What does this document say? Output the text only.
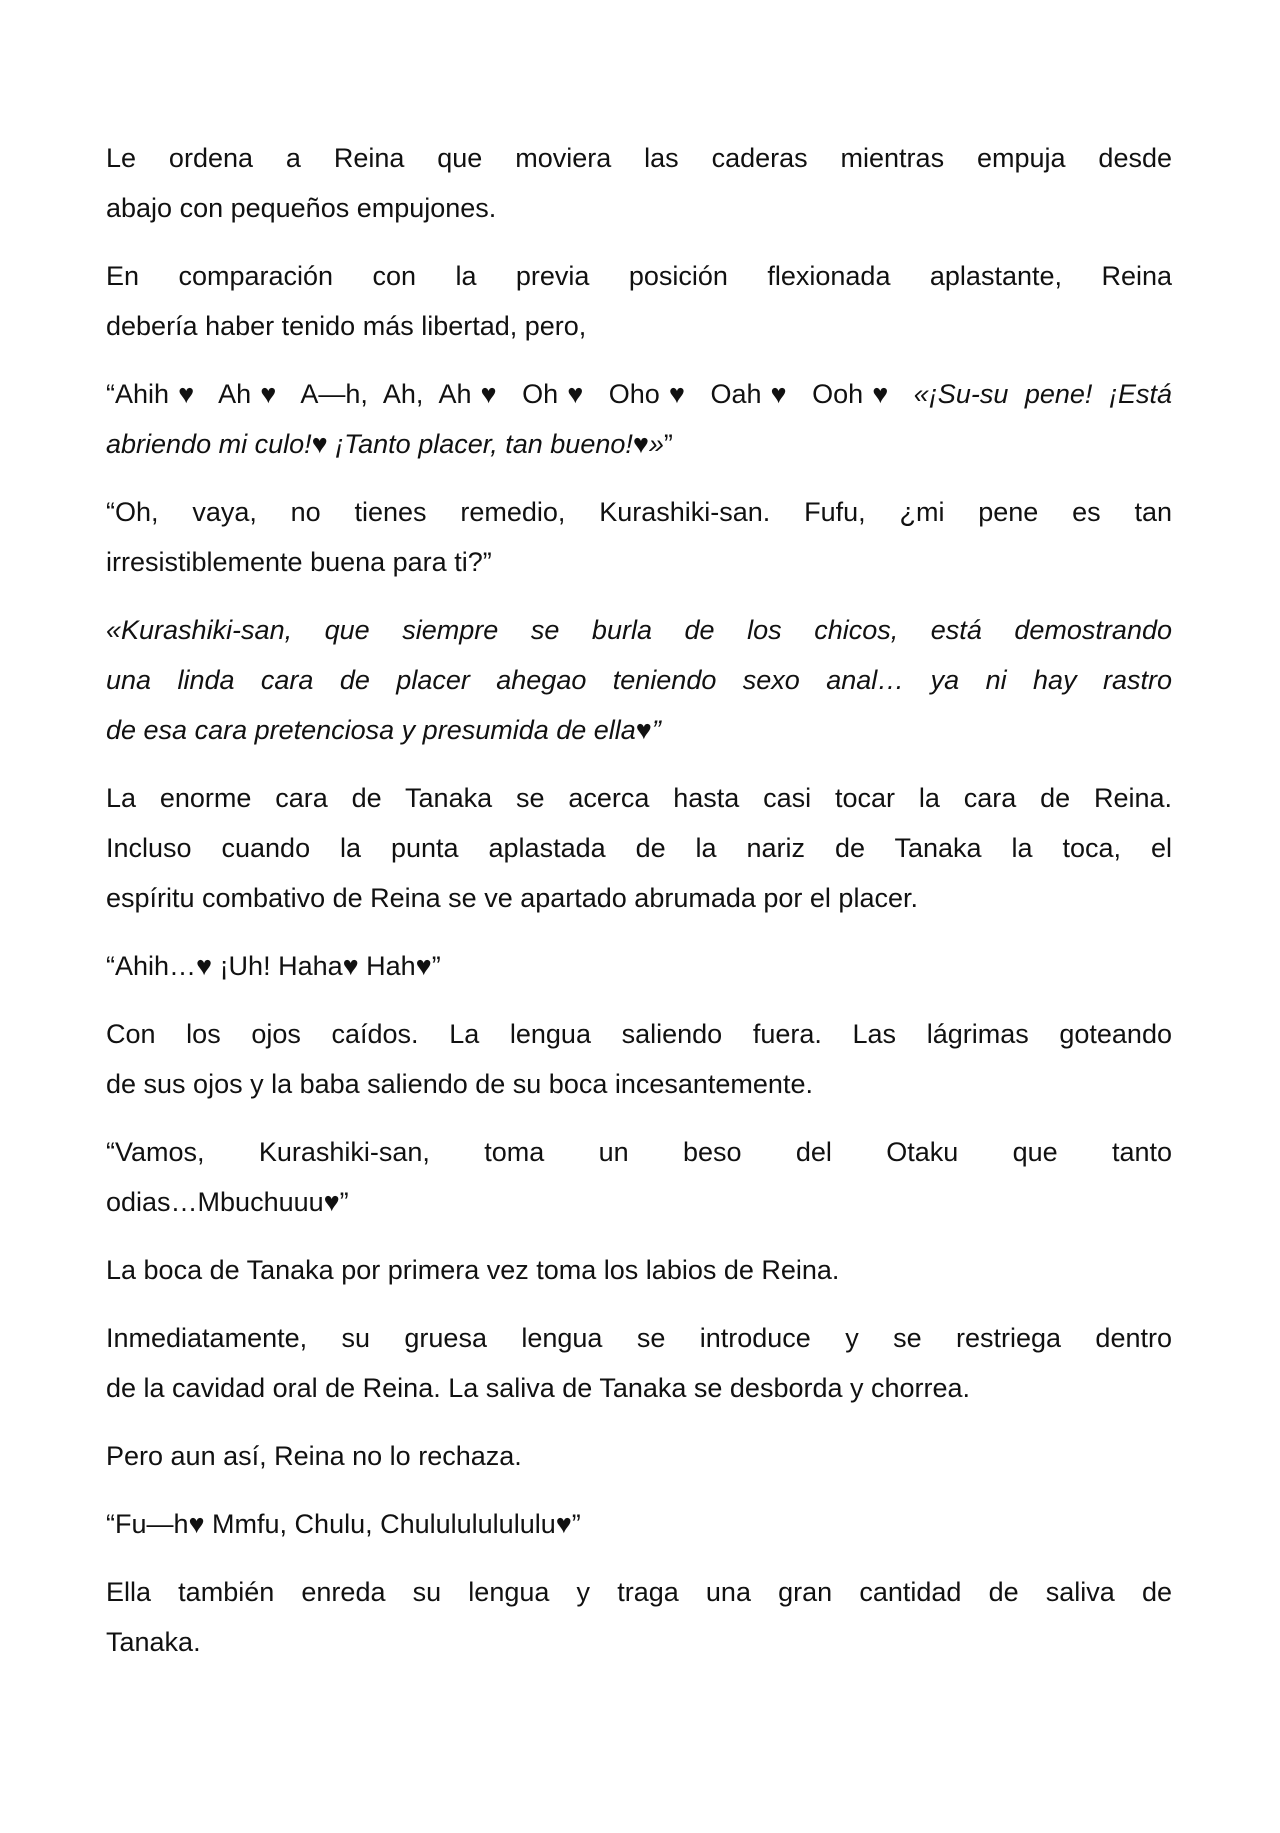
Le ordena a Reina que moviera las caderas mientras empuja desde
abajo con pequeños empujones.
En comparación con la previa posición flexionada aplastante, Reina
debería haber tenido más libertad, pero,
“Ahih♥ Ah♥ A—h, Ah, Ah♥ Oh♥ Oho♥ Oah♥ Ooh♥ «¡Su-su pene! ¡Está
abriendo mi culo!♥ ¡Tanto placer, tan bueno!♥»”
“Oh, vaya, no tienes remedio, Kurashiki-san. Fufu, ¿mi pene es tan
irresistiblemente buena para ti?”
«Kurashiki-san, que siempre se burla de los chicos, está demostrando
una linda cara de placer ahegao teniendo sexo anal… ya ni hay rastro
de esa cara pretenciosa y presumida de ella♥”
La enorme cara de Tanaka se acerca hasta casi tocar la cara de Reina.
Incluso cuando la punta aplastada de la nariz de Tanaka la toca, el
espíritu combativo de Reina se ve apartado abrumada por el placer.
“Ahih…♥ ¡Uh! Haha♥ Hah♥”
Con los ojos caídos. La lengua saliendo fuera. Las lágrimas goteando
de sus ojos y la baba saliendo de su boca incesantemente.
“Vamos, Kurashiki-san, toma un beso del Otaku que tanto
odias…Mbuchuuu♥”
La boca de Tanaka por primera vez toma los labios de Reina.
Inmediatamente, su gruesa lengua se introduce y se restriega dentro
de la cavidad oral de Reina. La saliva de Tanaka se desborda y chorrea.
Pero aun así, Reina no lo rechaza.
“Fu—h♥ Mmfu, Chulu, Chululululululu♥”
Ella también enreda su lengua y traga una gran cantidad de saliva de
Tanaka.
